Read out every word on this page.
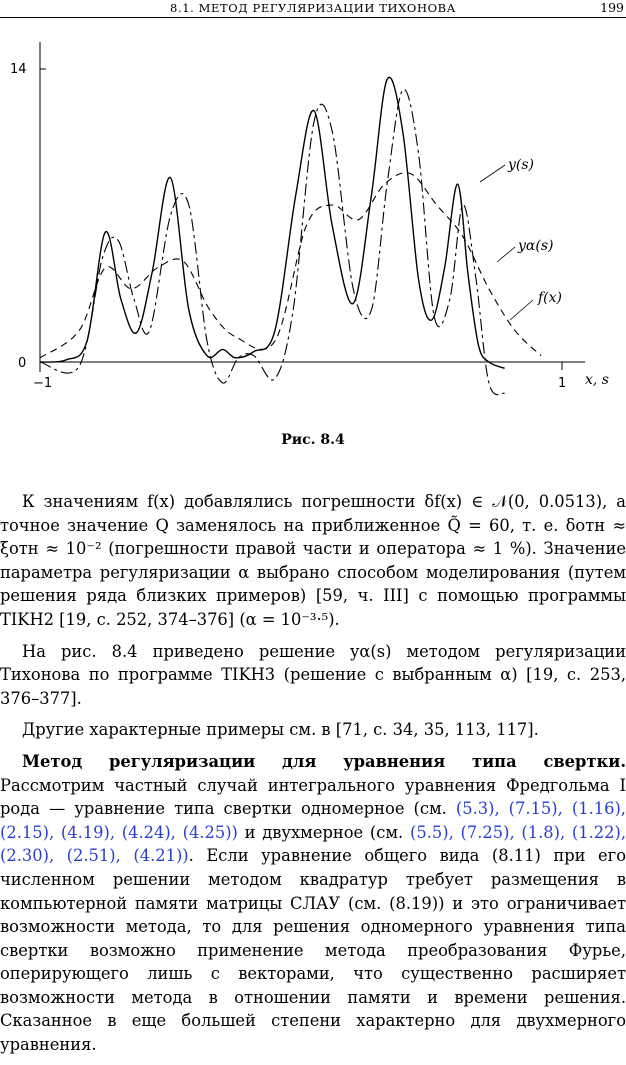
8.1. МЕТОД РЕГУЛЯРИЗАЦИИ ТИХОНОВА	199
14
0
−1	1 x, s
y(s)
yα(s)
f(x)
Рис. 8.4

К значениям f(x) добавлялись погрешности δf(x) ∈ 𝒩(0, 0.0513), а точное значение Q заменялось на приближенное Q̃ = 60, т. е. δотн ≈ ξотн ≈ 10⁻² (погрешности правой части и оператора ≈ 1 %). Значение параметра регуляризации α выбрано способом моделирования (путем решения ряда близких примеров) [59, ч. III] с помощью программы TIKH2 [19, с. 252, 374–376] (α = 10⁻³·⁵).

На рис. 8.4 приведено решение yα(s) методом регуляризации Тихонова по программе TIKH3 (решение с выбранным α) [19, с. 253, 376–377].

Другие характерные примеры см. в [71, с. 34, 35, 113, 117].

Метод регуляризации для уравнения типа свертки. Рассмотрим частный случай интегрального уравнения Фредгольма I рода — уравнение типа свертки одномерное (см. (5.3), (7.15), (1.16), (2.15), (4.19), (4.24), (4.25)) и двухмерное (см. (5.5), (7.25), (1.8), (1.22), (2.30), (2.51), (4.21)). Если уравнение общего вида (8.11) при его численном решении методом квадратур требует размещения в компьютерной памяти матрицы СЛАУ (см. (8.19)) и это ограничивает возможности метода, то для решения одномерного уравнения типа свертки возможно применение метода преобразования Фурье, оперирующего лишь с векторами, что существенно расширяет возможности метода в отношении памяти и времени решения. Сказанное в еще большей степени характерно для двухмерного уравнения.
